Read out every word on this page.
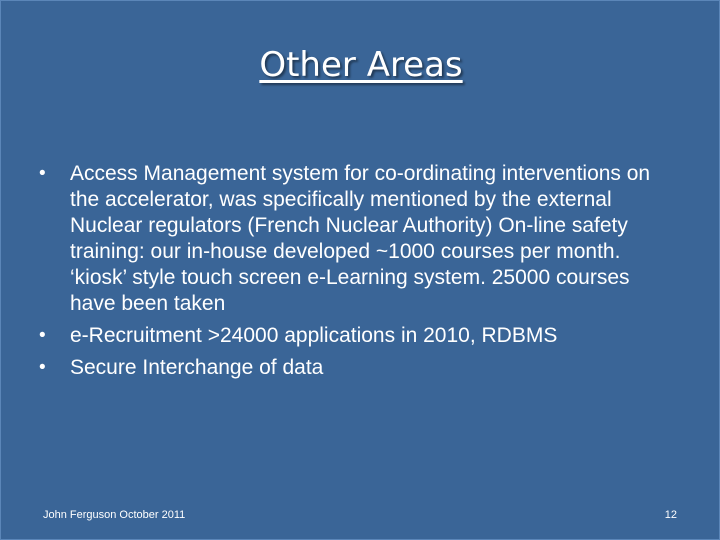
Other Areas
• Access Management system for co-ordinating interventions on the accelerator, was specifically mentioned by the external Nuclear regulators (French Nuclear Authority) On-line safety training: our in-house developed ~1000 courses per month. ‘kiosk’ style touch screen e-Learning system. 25000 courses have been taken
• e-Recruitment >24000 applications in 2010, RDBMS
• Secure Interchange of data
John Ferguson October 2011	12
